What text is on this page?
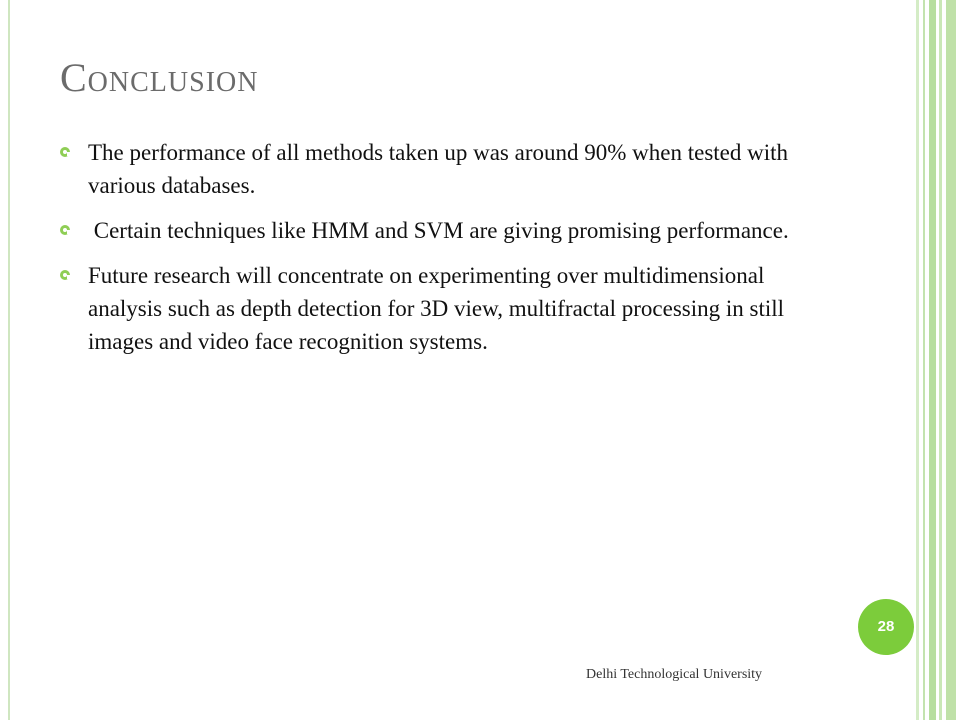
Conclusion
The performance of all methods taken up was around 90% when tested with various databases.
Certain techniques like HMM and SVM are giving promising performance.
Future research will concentrate on experimenting over multidimensional analysis such as depth detection for 3D view, multifractal processing in still images and video face recognition systems.
28
Delhi Technological University
